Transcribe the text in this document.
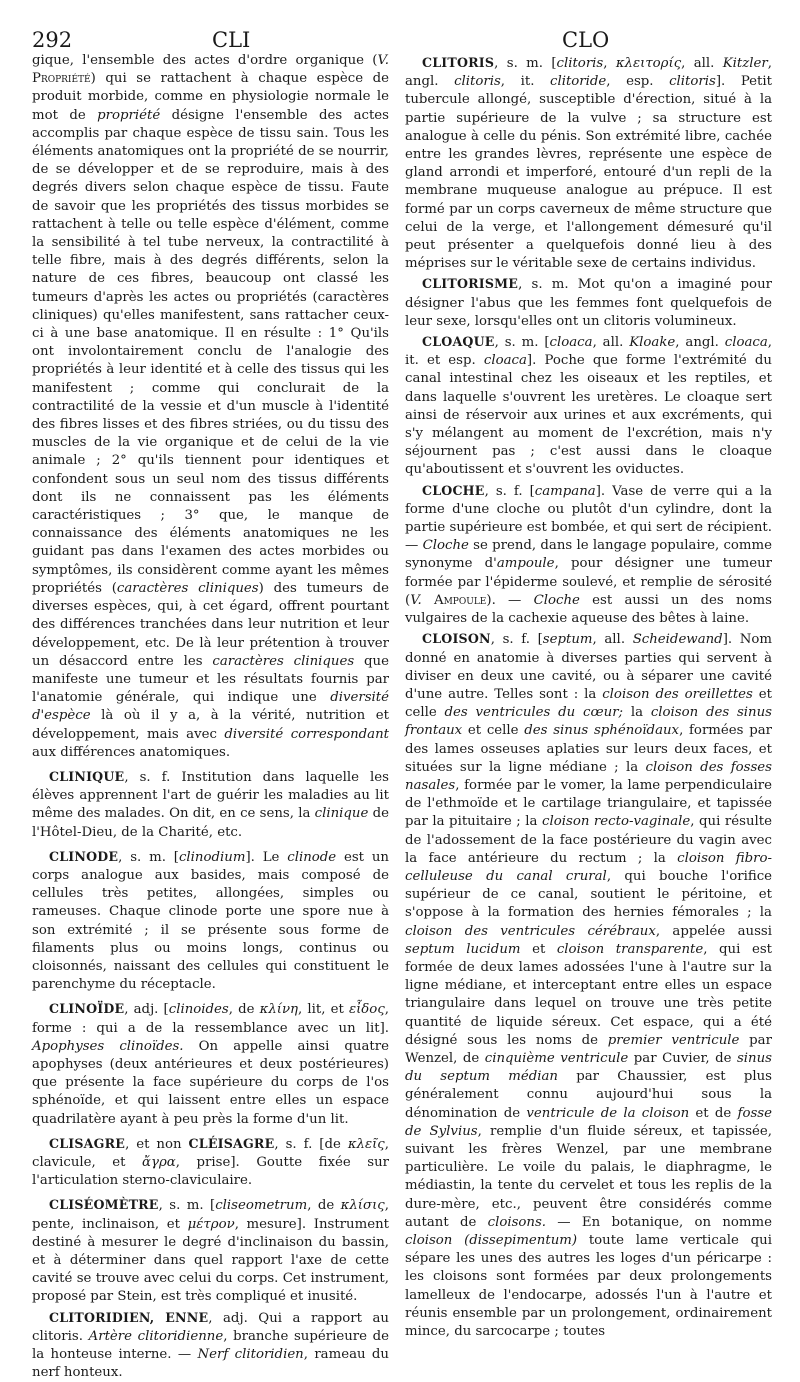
292	CLI	CLO

gique, l'ensemble des actes d'ordre organique (V. Propriété) qui se rattachent à chaque espèce de produit morbide, comme en physiologie normale le mot de propriété désigne l'ensemble des actes accomplis par chaque espèce de tissu sain. Tous les éléments anatomiques ont la propriété de se nourrir, de se développer et de se reproduire, mais à des degrés divers selon chaque espèce de tissu. Faute de savoir que les propriétés des tissus morbides se rattachent à telle ou telle espèce d'élément, comme la sensibilité à tel tube nerveux, la contractilité à telle fibre, mais à des degrés différents, selon la nature de ces fibres, beaucoup ont classé les tumeurs d'après les actes ou propriétés (caractères cliniques) qu'elles manifestent, sans rattacher ceux-ci à une base anatomique. Il en résulte : 1° Qu'ils ont involontairement conclu de l'analogie des propriétés à leur identité et à celle des tissus qui les manifestent ; comme qui conclurait de la contractilité de la vessie et d'un muscle à l'identité des fibres lisses et des fibres striées, ou du tissu des muscles de la vie organique et de celui de la vie animale ; 2° qu'ils tiennent pour identiques et confondent sous un seul nom des tissus différents dont ils ne connaissent pas les éléments caractéristiques ; 3° que, le manque de connaissance des éléments anatomiques ne les guidant pas dans l'examen des actes morbides ou symptômes, ils considèrent comme ayant les mêmes propriétés (caractères cliniques) des tumeurs de diverses espèces, qui, à cet égard, offrent pourtant des différences tranchées dans leur nutrition et leur développement, etc. De là leur prétention à trouver un désaccord entre les caractères cliniques que manifeste une tumeur et les résultats fournis par l'anatomie générale, qui indique une diversité d'espèce là où il y a, à la vérité, nutrition et développement, mais avec diversité correspondant aux différences anatomiques.

CLINIQUE, s. f. Institution dans laquelle les élèves apprennent l'art de guérir les maladies au lit même des malades. On dit, en ce sens, la clinique de l'Hôtel-Dieu, de la Charité, etc.

CLINODE, s. m. [clinodium]. Le clinode est un corps analogue aux basides, mais composé de cellules très petites, allongées, simples ou rameuses. Chaque clinode porte une spore nue à son extrémité ; il se présente sous forme de filaments plus ou moins longs, continus ou cloisonnés, naissant des cellules qui constituent le parenchyme du réceptacle.

CLINOÏDE, adj. [clinoides, de κλίνη, lit, et εἶδος, forme : qui a de la ressemblance avec un lit]. Apophyses clinoïdes. On appelle ainsi quatre apophyses (deux antérieures et deux postérieures) que présente la face supérieure du corps de l'os sphénoïde, et qui laissent entre elles un espace quadrilatère ayant à peu près la forme d'un lit.

CLISAGRE, et non CLÉISAGRE, s. f. [de κλεῖς, clavicule, et ἄγρα, prise]. Goutte fixée sur l'articulation sterno-claviculaire.

CLISÉOMÈTRE, s. m. [cliseometrum, de κλίσις, pente, inclinaison, et μέτρον, mesure]. Instrument destiné à mesurer le degré d'inclinaison du bassin, et à déterminer dans quel rapport l'axe de cette cavité se trouve avec celui du corps. Cet instrument, proposé par Stein, est très compliqué et inusité.

CLITORIDIEN, ENNE, adj. Qui a rapport au clitoris. Artère clitoridienne, branche supérieure de la honteuse interne. — Nerf clitoridien, rameau du nerf honteux.

CLITORIS, s. m. [clitoris, κλειτορίς, all. Kitzler, angl. clitoris, it. clitoride, esp. clitoris]. Petit tubercule allongé, susceptible d'érection, situé à la partie supérieure de la vulve ; sa structure est analogue à celle du pénis. Son extrémité libre, cachée entre les grandes lèvres, représente une espèce de gland arrondi et imperforé, entouré d'un repli de la membrane muqueuse analogue au prépuce. Il est formé par un corps caverneux de même structure que celui de la verge, et l'allongement démesuré qu'il peut présenter a quelquefois donné lieu à des méprises sur le véritable sexe de certains individus.

CLITORISME, s. m. Mot qu'on a imaginé pour désigner l'abus que les femmes font quelquefois de leur sexe, lorsqu'elles ont un clitoris volumineux.

CLOAQUE, s. m. [cloaca, all. Kloake, angl. cloaca, it. et esp. cloaca]. Poche que forme l'extrémité du canal intestinal chez les oiseaux et les reptiles, et dans laquelle s'ouvrent les uretères. Le cloaque sert ainsi de réservoir aux urines et aux excréments, qui s'y mélangent au moment de l'excrétion, mais n'y séjournent pas ; c'est aussi dans le cloaque qu'aboutissent et s'ouvrent les oviductes.

CLOCHE, s. f. [campana]. Vase de verre qui a la forme d'une cloche ou plutôt d'un cylindre, dont la partie supérieure est bombée, et qui sert de récipient. — Cloche se prend, dans le langage populaire, comme synonyme d'ampoule, pour désigner une tumeur formée par l'épiderme soulevé, et remplie de sérosité (V. Ampoule). — Cloche est aussi un des noms vulgaires de la cachexie aqueuse des bêtes à laine.

CLOISON, s. f. [septum, all. Scheidewand]. Nom donné en anatomie à diverses parties qui servent à diviser en deux une cavité, ou à séparer une cavité d'une autre. Telles sont : la cloison des oreillettes et celle des ventricules du cœur; la cloison des sinus frontaux et celle des sinus sphénoïdaux, formées par des lames osseuses aplaties sur leurs deux faces, et situées sur la ligne médiane ; la cloison des fosses nasales, formée par le vomer, la lame perpendiculaire de l'ethmoïde et le cartilage triangulaire, et tapissée par la pituitaire ; la cloison recto-vaginale, qui résulte de l'adossement de la face postérieure du vagin avec la face antérieure du rectum ; la cloison fibro-celluleuse du canal crural, qui bouche l'orifice supérieur de ce canal, soutient le péritoine, et s'oppose à la formation des hernies fémorales ; la cloison des ventricules cérébraux, appelée aussi septum lucidum et cloison transparente, qui est formée de deux lames adossées l'une à l'autre sur la ligne médiane, et interceptant entre elles un espace triangulaire dans lequel on trouve une très petite quantité de liquide séreux. Cet espace, qui a été désigné sous les noms de premier ventricule par Wenzel, de cinquième ventricule par Cuvier, de sinus du septum médian par Chaussier, est plus généralement connu aujourd'hui sous la dénomination de ventricule de la cloison et de fosse de Sylvius, remplie d'un fluide séreux, et tapissée, suivant les frères Wenzel, par une membrane particulière. Le voile du palais, le diaphragme, le médiastin, la tente du cervelet et tous les replis de la dure-mère, etc., peuvent être considérés comme autant de cloisons. — En botanique, on nomme cloison (dissepimentum) toute lame verticale qui sépare les unes des autres les loges d'un péricarpe : les cloisons sont formées par deux prolongements lamelleux de l'endocarpe, adossés l'un à l'autre et réunis ensemble par un prolongement, ordinairement mince, du sarcocarpe ; toutes
